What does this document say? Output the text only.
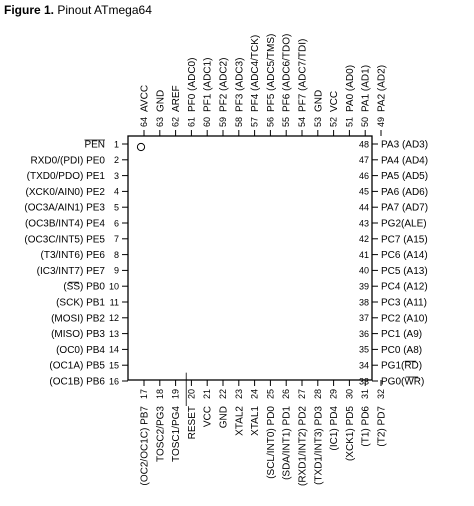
Figure 1. Pinout ATmega64
1
PEN
2
RXD0/(PDI) PE0
3
(TXD0/PDO) PE1
4
(XCK0/AIN0) PE2
5
(OC3A/AIN1) PE3
6
(OC3B/INT4) PE4
7
(OC3C/INT5) PE5
8
(T3/INT6) PE6
9
(IC3/INT7) PE7
10
(SS) PB0
11
(SCK) PB1
12
(MOSI) PB2
13
(MISO) PB3
14
(OC0) PB4
15
(OC1A) PB5
16
(OC1B) PB6
48 PA3 (AD3)
47 PA4 (AD4)
46 PA5 (AD5)
45 PA6 (AD6)
44 PA7 (AD7)
43 PG2(ALE)
42 PC7 (A15)
41 PC6 (A14)
40 PC5 (A13)
39 PC4 (A12)
38 PC3 (A11)
37 PC2 (A10)
36 PC1 (A9)
35 PC0 (A8)
34 PG1(RD)
33 PG0(WR)
17
(OC2/OC1C) PB7
18
TOSC2/PG3
19
TOSC1/PG4
20
RESET
21
VCC
22
GND
23
XTAL2
24
XTAL1
25
(SCL/INT0) PD0
26
(SDA/INT1) PD1
27
(RXD1/INT2) PD2
28
(TXD1/INT3) PD3
29
(IC1) PD4
30
(XCK1) PD5
31
(T1) PD6
32
(T2) PD7
64
AVCC
63
GND
62
AREF
61
PF0 (ADC0)
60
PF1 (ADC1)
59
PF2 (ADC2)
58
PF3 (ADC3)
57
PF4 (ADC4/TCK)
56
PF5 (ADC5/TMS)
55
PF6 (ADC6/TDO)
54
PF7 (ADC7/TDI)
53
GND
52
VCC
51
PA0 (AD0)
50
PA1 (AD1)
49
PA2 (AD2)
